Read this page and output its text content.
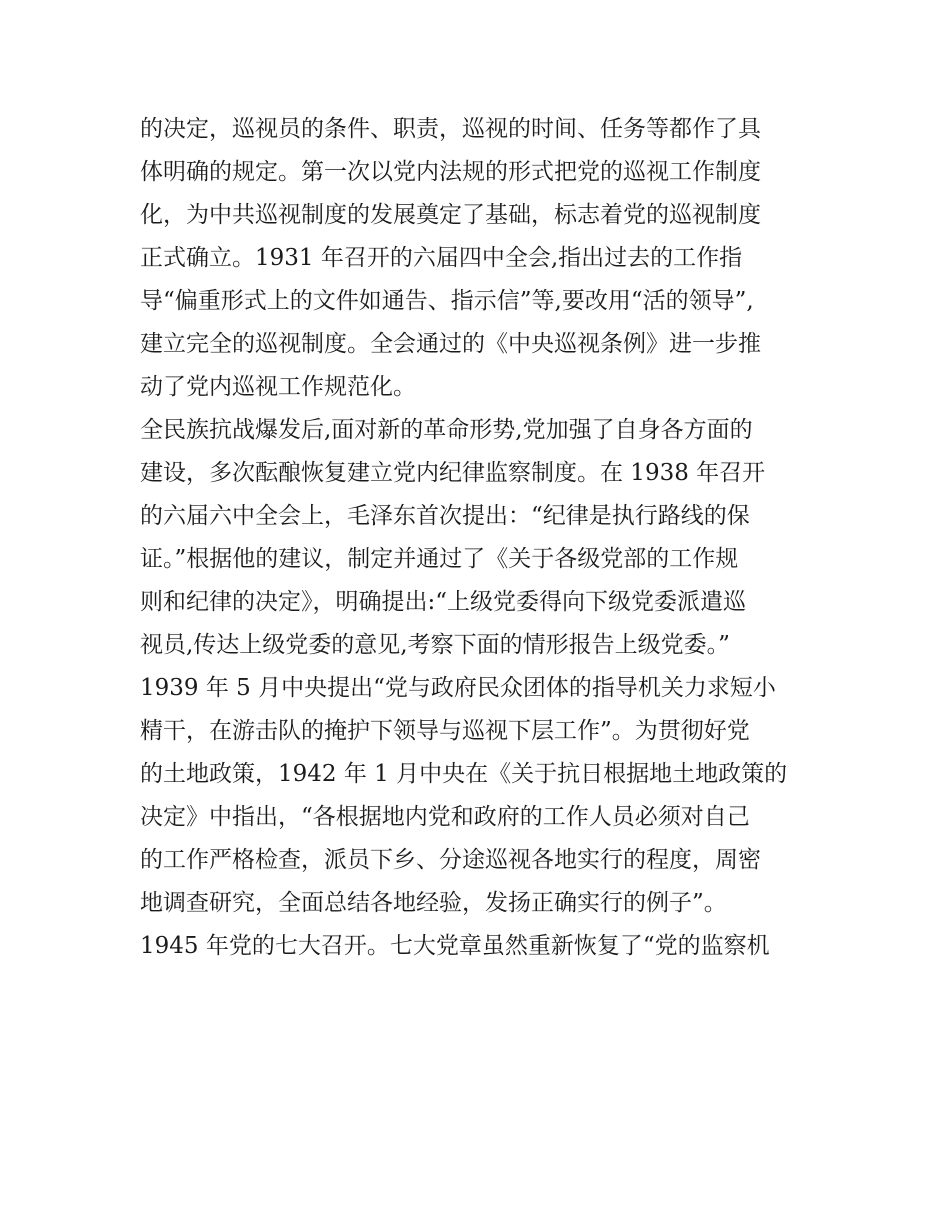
的决定，巡视员的条件、职责，巡视的时间、任务等都作了具
体明确的规定。第一次以党内法规的形式把党的巡视工作制度
化，为中共巡视制度的发展奠定了基础，标志着党的巡视制度
正式确立。1931 年召开的六届四中全会,指出过去的工作指
导“偏重形式上的文件如通告、指示信”等,要改用“活的领导”,
建立完全的巡视制度。全会通过的《中央巡视条例》进一步推
动了党内巡视工作规范化。
全民族抗战爆发后,面对新的革命形势,党加强了自身各方面的
建设，多次酝酿恢复建立党内纪律监察制度。在 1938 年召开
的六届六中全会上，毛泽东首次提出：“纪律是执行路线的保
证。”根据他的建议，制定并通过了《关于各级党部的工作规
则和纪律的决定》，明确提出:“上级党委得向下级党委派遣巡
视员,传达上级党委的意见,考察下面的情形报告上级党委。”
1939 年 5 月中央提出“党与政府民众团体的指导机关力求短小
精干，在游击队的掩护下领导与巡视下层工作”。为贯彻好党
的土地政策，1942 年 1 月中央在《关于抗日根据地土地政策的
决定》中指出，“各根据地内党和政府的工作人员必须对自己
的工作严格检查，派员下乡、分途巡视各地实行的程度，周密
地调查研究，全面总结各地经验，发扬正确实行的例子”。
1945 年党的七大召开。七大党章虽然重新恢复了“党的监察机
